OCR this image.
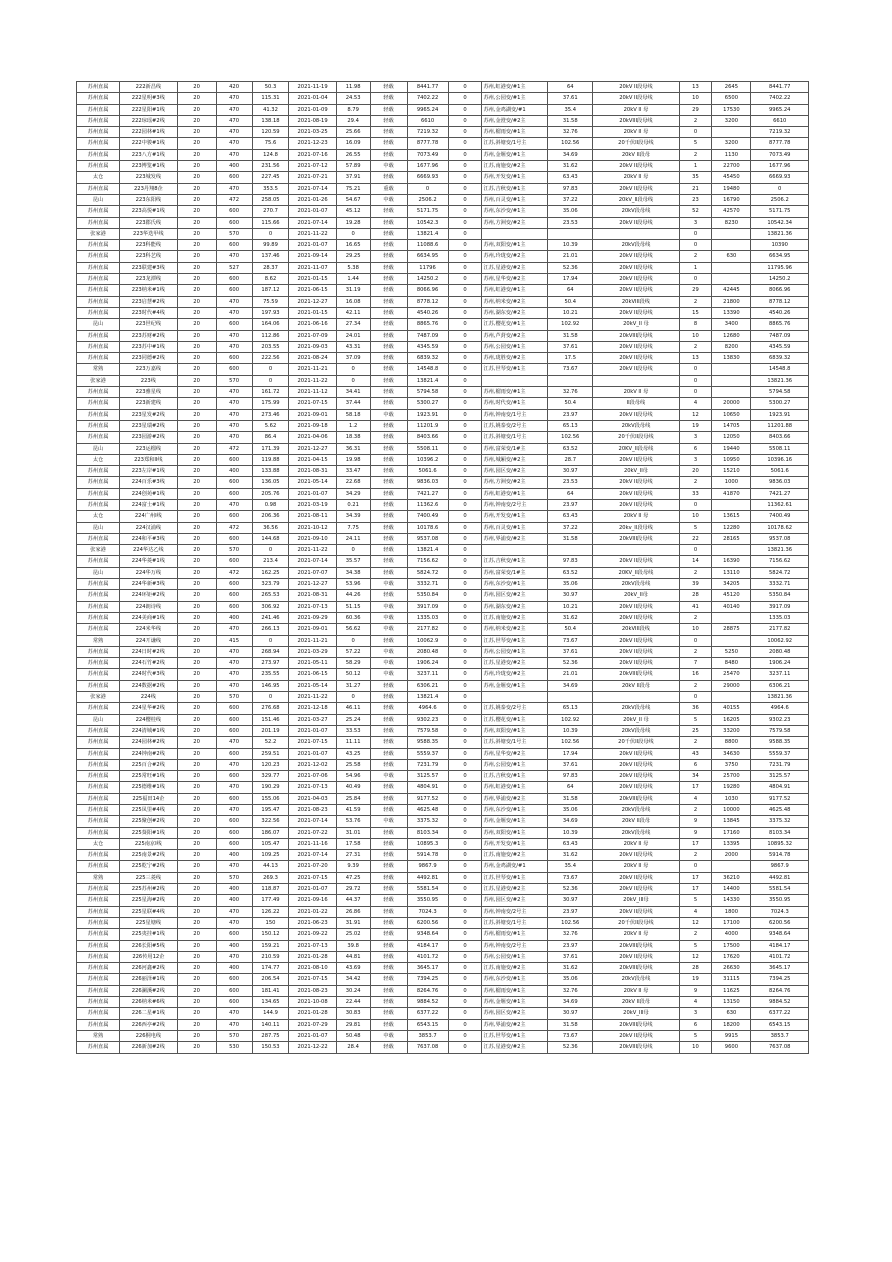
苏州直属	222新昌线	20	420	50.3	2021-11-19	11.98	轻载	8441.77	0	苏州,虹港变/#1主	64	20kV II段母线	13	2645	8441.77
苏州直属	222星明#3线	20	470	115.31	2021-01-04	24.53	轻载	7402.22	0	苏州,公园变/#1主	37.61	20kV II段母线	10	6500	7402.22
苏州直属	222星阳#1线	20	470	41.32	2021-01-09	8.79	轻载	9965.24	0	苏州,金鸡湖变/#1	35.4	20kV II 母	29	17530	9965.24
苏州直属	222琼瑶#2线	20	470	138.18	2021-08-19	29.4	轻载	6610	0	苏州,金澄变/#2主	31.58	20kVIII段母线	2	3200	6610
苏州直属	222园林#1线	20	470	120.59	2021-03-25	25.66	轻载	7219.32	0	苏州,榴雨变/#1主	32.76	20kV II 母	0		7219.32
苏州直属	222中骏#1线	20	470	75.6	2021-12-23	16.09	轻载	8777.78	0	江苏,斜塘变/1号主	102.56	20千伏II段母线	5	3200	8777.78
苏州直属	223八方#1线	20	470	124.8	2021-07-16	26.55	轻载	7073.49	0	苏州,金堰变/#1主	34.69	20kV II段母	2	1130	7073.49
苏州直属	223博览#1线	20	400	231.56	2021-07-12	57.89	中载	1677.96	0	江苏,南施变/#2主	31.62	20kV II段母线	1	22700	1677.96
太仓	223城发线	20	600	227.45	2021-07-21	37.91	轻载	6669.93	0	苏州,开发变/#1主	63.43	20kV II 母	35	45450	6669.93
苏州直属	223丹翔8企	20	470	353.5	2021-07-14	75.21	重载	0	0	江苏,吉秋变/#1主	97.83	20kV II段母线	21	19480	0
昆山	223东阳线	20	472	258.05	2021-01-26	54.67	中载	2506.2	0	苏州,百灵变/#1主	37.22	20kV_II段母线	23	16790	2506.2
苏州直属	223高悦#1线	20	600	270.7	2021-01-07	45.12	轻载	5171.75	0	苏州,东沙变/#1主	35.06	20kV段母线	52	42570	5171.75
苏州直属	223郡氏线	20	600	115.66	2021-07-14	19.28	轻载	10542.3	0	苏州,方洲变/#2主	23.53	20kV II段母线	3	8230	10542.34
张家港	223华迭甲线	20	570	0	2021-11-22	0	轻载	13821.4	0				0		13821.36
苏州直属	223科能线	20	600	99.89	2021-01-07	16.65	轻载	11088.6	0	苏州,双阳变/#1主	10.39	20kV段母线	0		10390
苏州直属	223科艺线	20	470	137.46	2021-09-14	29.25	轻载	6634.95	0	苏州,玲珑变/#2主	21.01	20kV II段母线	2	630	6634.95
苏州直属	223联建#3线	20	527	28.37	2021-11-07	5.38	轻载	11796	0	江苏,星港变/#2主	52.36	20kV II段母线	1		11795.96
苏州直属	223龙潭线	20	600	8.62	2021-01-15	1.44	轻载	14250.2	0	苏州,星华变/#2主	17.94	20kV II段母线	0		14250.2
苏州直属	223纳米#1线	20	600	187.12	2021-06-15	31.19	轻载	8066.96	0	苏州,虹港变/#1主	64	20kV II段母线	29	42445	8066.96
苏州直属	223启慧#2线	20	470	75.59	2021-12-27	16.08	轻载	8778.12	0	苏州,纳米变/#2主	50.4	20kVIII段线	2	21800	8778.12
苏州直属	223时代#4线	20	470	197.93	2021-01-15	42.11	轻载	4540.26	0	苏州,湖东变/#2主	10.21	20kV II段母线	15	13390	4540.26
昆山	223世纪线	20	600	164.06	2021-06-16	27.34	轻载	8865.76	0	江苏,樱花变/#1主	102.92	20kV_II 母	8	3400	8865.76
苏州直属	223苏财#2线	20	470	112.86	2021-07-09	24.01	轻载	7487.09	0	苏州,芦葑变/#2主	31.58	20kVIII段母线	10	12680	7487.09
苏州直属	223苏中#1线	20	470	203.55	2021-09-03	43.31	轻载	4345.59	0	苏州,公园变/#1主	37.61	20kV II段母线	2	8200	4345.59
苏州直属	223同德#2线	20	600	222.56	2021-08-24	37.09	轻载	6839.32	0	苏州,珑胜变/#2主	17.5	20kV II段母线	13	13830	6839.32
常熟	223万嘉线	20	600	0	2021-11-21	0	轻载	14548.8	0	江苏,世琴变/#1主	73.67	20kV II段母线	0		14548.8
张家港	223线	20	570	0	2021-11-22	0	轻载	13821.4	0				0		13821.36
苏州直属	223雅星线	20	470	161.72	2021-11-12	34.41	轻载	5794.58	0	苏州,榴雨变/#1主	32.76	20kV II 母	0		5794.58
苏州直属	223新建线	20	470	175.99	2021-07-15	37.44	轻载	5300.27	0	苏州,时代变/#1主	50.4	II段母线	4	20000	5300.27
苏州直属	223星发#2线	20	470	273.46	2021-09-01	58.18	中载	1923.91	0	苏州,钟南变/1号主	23.97	20kV II段母线	12	10650	1923.91
苏州直属	223星瑞#2线	20	470	5.62	2021-09-18	1.2	轻载	11201.9	0	江苏,姚泰变/2号主	65.13	20kV段母线	19	14705	11201.88
苏州直属	223园游#2线	20	470	86.4	2021-04-06	18.38	轻载	8403.66	0	江苏,斜塘变/1号主	102.56	20千伏II段母线	3	12050	8403.66
昆山	223运榴线	20	472	171.39	2021-12-27	36.31	轻载	5508.11	0	苏州,富荣变/1#主	63.52	20KV_II段母线	6	19440	5508.11
太仓	223郑和II线	20	600	119.88	2021-04-15	19.98	轻载	10396.2	0	苏州,城厢变/#2主	28.7	20kV II段母线	3	10950	10396.16
苏州直属	223左岸#1线	20	400	133.88	2021-08-31	33.47	轻载	5061.6	0	苏州,园区变/#2主	30.97	20kV_II母	20	15210	5061.6
苏州直属	224百乐#3线	20	600	136.05	2021-05-14	22.68	轻载	9836.03	0	苏州,方洲变/#2主	23.53	20kV II段母线	2	1000	9836.03
苏州直属	224创苑#1线	20	600	205.76	2021-01-07	34.29	轻载	7421.27	0	苏州,虹港变/#1主	64	20kV II段母线	33	41870	7421.27
苏州直属	224富士#1线	20	470	0.98	2021-03-19	0.21	轻载	11362.6	0	苏州,钟南变/2号主	23.97	20kV II段母线	0		11362.61
太仓	224广州I线	20	600	206.36	2021-08-11	34.39	轻载	7400.49	0	苏州,开发变/#1主	63.43	20kV II 母	10	13615	7400.49
昆山	224汉浦线	20	472	36.56	2021-10-12	7.75	轻载	10178.6	0	苏州,百灵变/#1主	37.22	20kv_II段母线	5	12280	10178.62
苏州直属	224和平#3线	20	600	144.68	2021-09-10	24.11	轻载	9537.08	0	苏州,界浦变/#2主	31.58	20kVIII段母线	22	28165	9537.08
张家港	224华达乙线	20	570	0	2021-11-22	0	轻载	13821.4	0				0		13821.36
苏州直属	224华菱#1线	20	600	213.4	2021-07-14	35.57	轻载	7156.62	0	江苏,吉秋变/#1主	97.83	20kV II段母线	14	16390	7156.62
昆山	224华万线	20	472	162.25	2021-07-07	34.38	轻载	5824.72	0	苏州,富荣变/1#主	63.52	20KV_II段母线	2	13110	5824.72
苏州直属	224华新#3线	20	600	323.79	2021-12-27	53.96	中载	3332.71	0	苏州,东沙变/#1主	35.06	20kV段母线	39	34205	3332.71
苏州直属	224环钜#2线	20	600	265.53	2021-08-31	44.26	轻载	5350.84	0	苏州,园区变/#2主	30.97	20kV_II母	28	45120	5350.84
苏州直属	224朗诗线	20	600	306.92	2021-07-13	51.15	中载	3917.09	0	苏州,湖东变/#2主	10.21	20kV II段母线	41	40140	3917.09
苏州直属	224美商#1线	20	400	241.46	2021-09-29	60.36	中载	1335.03	0	江苏,南施变/#2主	31.62	20kV II段母线	2		1335.03
苏州直属	224米华线	20	470	266.13	2021-09-01	56.62	中载	2177.82	0	苏州,纳米变/#2主	50.4	20kVIII段线	10	28875	2177.82
常熟	224丌谦线	20	415	0	2021-11-21	0	轻载	10062.9	0	江苏,世琴变/#1主	73.67	20kV II段母线	0		10062.92
苏州直属	224日时#2线	20	470	268.94	2021-03-29	57.22	中载	2080.48	0	苏州,公园变/#1主	37.61	20kV II段母线	2	5250	2080.48
苏州直属	224石竹#2线	20	470	273.97	2021-05-11	58.29	中载	1906.24	0	江苏,星港变/#2主	52.36	20kV II段母线	7	8480	1906.24
苏州直属	224时代#3线	20	470	235.55	2021-06-15	50.12	中载	3237.11	0	苏州,玲珑变/#2主	21.01	20kVIII段母线	16	25470	3237.11
苏州直属	224数据#2线	20	470	146.95	2021-05-14	31.27	轻载	6306.21	0	苏州,金堰变/#1主	34.69	20kV II段母	2	29000	6306.21
张家港	224线	20	570	0	2021-11-22	0	轻载	13821.4	0				0		13821.36
苏州直属	224星华#2线	20	600	276.68	2021-12-18	46.11	轻载	4964.6	0	江苏,姚泰变/2号主	65.13	20kV段母线	36	40155	4964.6
昆山	224樱桂线	20	600	151.46	2021-03-27	25.24	轻载	9302.23	0	江苏,樱花变/#1主	102.92	20kV_II 母	5	16205	9302.23
苏州直属	224清城#1线	20	600	201.19	2021-01-07	33.53	轻载	7579.58	0	苏州,双阳变/#1主	10.39	20kV段母线	25	33200	7579.58
苏州直属	224园林#2线	20	470	52.2	2021-07-15	11.11	轻载	9588.35	0	江苏,斜塘变/1号主	102.56	20千伏II段母线	2	8800	9588.35
苏州直属	224钟南#2线	20	600	259.51	2021-01-07	43.25	轻载	5559.37	0	苏州,星华变/#2主	17.94	20kV II段母线	43	34630	5559.37
苏州直属	225百合#2线	20	470	120.23	2021-12-02	25.58	轻载	7231.79	0	苏州,公园变/#1主	37.61	20kV II段母线	6	3750	7231.79
苏州直属	225常旺#1线	20	600	329.77	2021-07-06	54.96	中载	3125.57	0	江苏,吉秋变/#1主	97.83	20kV II段母线	34	25700	3125.57
苏州直属	225德维#1线	20	470	190.29	2021-07-13	40.49	轻载	4804.91	0	苏州,虹港变/#1主	64	20kV II段母线	17	19280	4804.91
苏州直属	225福田14企	20	600	155.06	2021-04-03	25.84	轻载	9177.52	0	苏州,界浦变/#2主	31.58	20kVIII段母线	4	1030	9177.52
苏州直属	225凤里#4线	20	470	195.47	2021-08-23	41.59	轻载	4625.48	0	苏州,东沙变/#1主	35.06	20kV段母线	2	10000	4625.48
苏州直属	225聚创#2线	20	600	322.56	2021-07-14	53.76	中载	3375.32	0	苏州,金堰变/#1主	34.69	20kV II段母	9	13845	3375.32
苏州直属	225葵阳#1线	20	600	186.07	2021-07-22	31.01	轻载	8103.34	0	苏州,双阳变/#1主	10.39	20kV段母线	9	17160	8103.34
太仓	225南京I线	20	600	105.47	2021-11-16	17.58	轻载	10895.3	0	苏州,开发变/#1主	63.43	20kV II 母	17	13395	10895.32
苏州直属	225南景#2线	20	400	109.25	2021-07-14	27.31	轻载	5914.78	0	江苏,南施变/#2主	31.62	20kV II段母线	2	2000	5914.78
苏州直属	225乾宁#2线	20	470	44.13	2021-07-20	9.39	轻载	9867.9	0	苏州,金鸡湖变/#1	35.4	20kV II 母	0		9867.9
常熟	225三菱线	20	570	269.3	2021-07-15	47.25	轻载	4492.81	0	江苏,世琴变/#1主	73.67	20kV II段母线	17	36210	4492.81
苏州直属	225苏州#2线	20	400	118.87	2021-01-07	29.72	轻载	5581.54	0	江苏,星港变/#2主	52.36	20kV II段母线	17	14400	5581.54
苏州直属	225星海#2线	20	400	177.49	2021-09-16	44.37	轻载	3550.95	0	苏州,园区变/#2主	30.97	20kV_III母	5	14330	3550.95
苏州直属	225星联#4线	20	470	126.22	2021-01-22	26.86	轻载	7024.3	0	苏州,钟南变/2号主	23.97	20kV II段母线	4	1800	7024.3
苏州直属	225星塘线	20	470	150	2021-06-23	31.91	轻载	6200.56	0	江苏,斜塘变/1号主	102.56	20千伏II段母线	12	17100	6200.56
苏州直属	225夷挂#1线	20	600	150.12	2021-09-22	25.02	轻载	9348.64	0	苏州,榴雨变/#1主	32.76	20kV II 母	2	4000	9348.64
苏州直属	226长阳#5线	20	400	159.21	2021-07-13	39.8	轻载	4184.17	0	苏州,钟南变/2号主	23.97	20kVIII段母线	5	17500	4184.17
苏州直属	226传用12企	20	470	210.59	2021-01-28	44.81	轻载	4101.72	0	苏州,公园变/#1主	37.61	20kV II段母线	12	17620	4101.72
苏州直属	226河鑫#2线	20	400	174.77	2021-08-10	43.69	轻载	3645.17	0	江苏,南施变/#2主	31.62	20kVIII段母线	28	26630	3645.17
苏州直属	226丽泽#1线	20	600	206.54	2021-07-15	34.42	轻载	7394.25	0	苏州,东沙变/#1主	35.06	20kV段母线	19	31115	7394.25
苏州直属	226澜溪#2线	20	600	181.41	2021-08-23	30.24	轻载	8264.76	0	苏州,榴雨变/#1主	32.76	20kV II 母	9	11625	8264.76
苏州直属	226纳米#6线	20	600	134.65	2021-10-08	22.44	轻载	9884.52	0	苏州,金堰变/#1主	34.69	20kV II段母	4	13150	9884.52
苏州直属	226二星#1线	20	470	144.9	2021-01-28	30.83	轻载	6377.22	0	苏州,园区变/#2主	30.97	20kV_III母	3	630	6377.22
苏州直属	226西亭#2线	20	470	140.11	2021-07-29	29.81	轻载	6543.15	0	苏州,界浦变/#2主	31.58	20kVIII段母线	6	18200	6543.15
常熟	226桐电线	20	570	287.75	2021-01-07	50.48	中载	3853.7	0	江苏,世琴变/#1主	73.67	20kV II段母线	5	9915	3853.7
苏州直属	226新加#2线	20	530	150.53	2021-12-22	28.4	轻载	7637.08	0	江苏,星港变/#2主	52.36	20kVIII段母线	10	9600	7637.08
